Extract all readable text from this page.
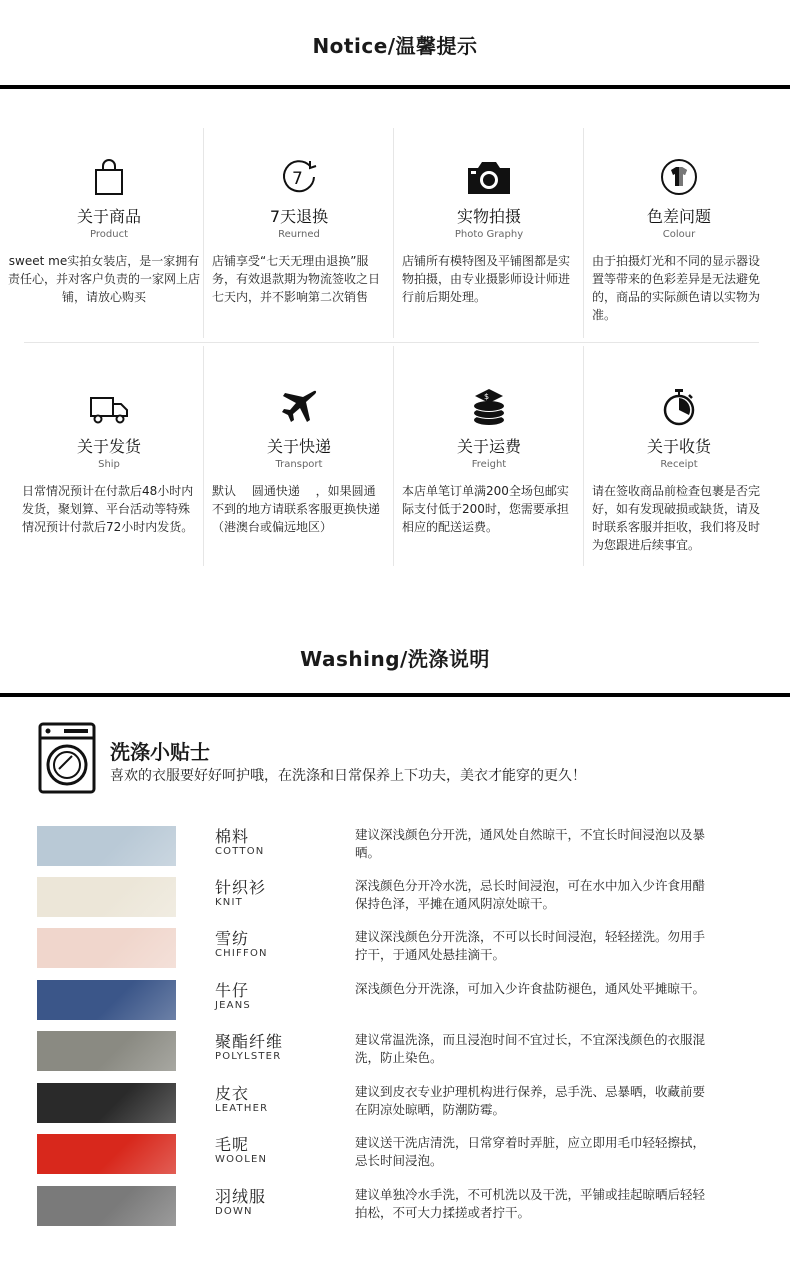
Notice/温馨提示
关于商品
Product
sweet me实拍女装店，是一家拥有责任心，并对客户负责的一家网上店铺，请放心购买
7
7天退换
Reurned
店铺享受“七天无理由退换”服务，有效退款期为物流签收之日七天内，并不影响第二次销售
实物拍摄
Photo Graphy
店铺所有模特图及平铺图都是实物拍摄，由专业摄影师设计师进行前后期处理。
色差问题
Colour
由于拍摄灯光和不同的显示器设置等带来的色彩差异是无法避免的，商品的实际颜色请以实物为准。
关于发货
Ship
日常情况预计在付款后48小时内发货，聚划算、平台活动等特殊情况预计付款后72小时内发货。
关于快递
Transport
默认　 圆通快递　 ，如果圆通不到的地方请联系客服更换快递（港澳台或偏远地区）
$
关于运费
Freight
本店单笔订单满200全场包邮实际支付低于200时，您需要承担相应的配送运费。
关于收货
Receipt
请在签收商品前检查包裹是否完好，如有发现破损或缺货，请及时联系客服并拒收，我们将及时为您跟进后续事宜。
Washing/洗涤说明
洗涤小贴士
喜欢的衣服要好好呵护哦，在洗涤和日常保养上下功夫，美衣才能穿的更久！
棉料
COTTON
建议深浅颜色分开洗，通风处自然晾干，不宜长时间浸泡以及暴晒。
针织衫
KNIT
深浅颜色分开冷水洗，忌长时间浸泡，可在水中加入少许食用醋保持色泽，平摊在通风阴凉处晾干。
雪纺
CHIFFON
建议深浅颜色分开洗涤，不可以长时间浸泡，轻轻搓洗。勿用手拧干，于通风处悬挂滴干。
牛仔
JEANS
深浅颜色分开洗涤，可加入少许食盐防褪色，通风处平摊晾干。
聚酯纤维
POLYLSTER
建议常温洗涤，而且浸泡时间不宜过长，不宜深浅颜色的衣服混洗，防止染色。
皮衣
LEATHER
建议到皮衣专业护理机构进行保养，忌手洗、忌暴晒，收藏前要在阴凉处晾晒，防潮防霉。
毛呢
WOOLEN
建议送干洗店清洗，日常穿着时弄脏，应立即用毛巾轻轻擦拭，忌长时间浸泡。
羽绒服
DOWN
建议单独冷水手洗，不可机洗以及干洗，平铺或挂起晾晒后轻轻拍松，不可大力揉搓或者拧干。
